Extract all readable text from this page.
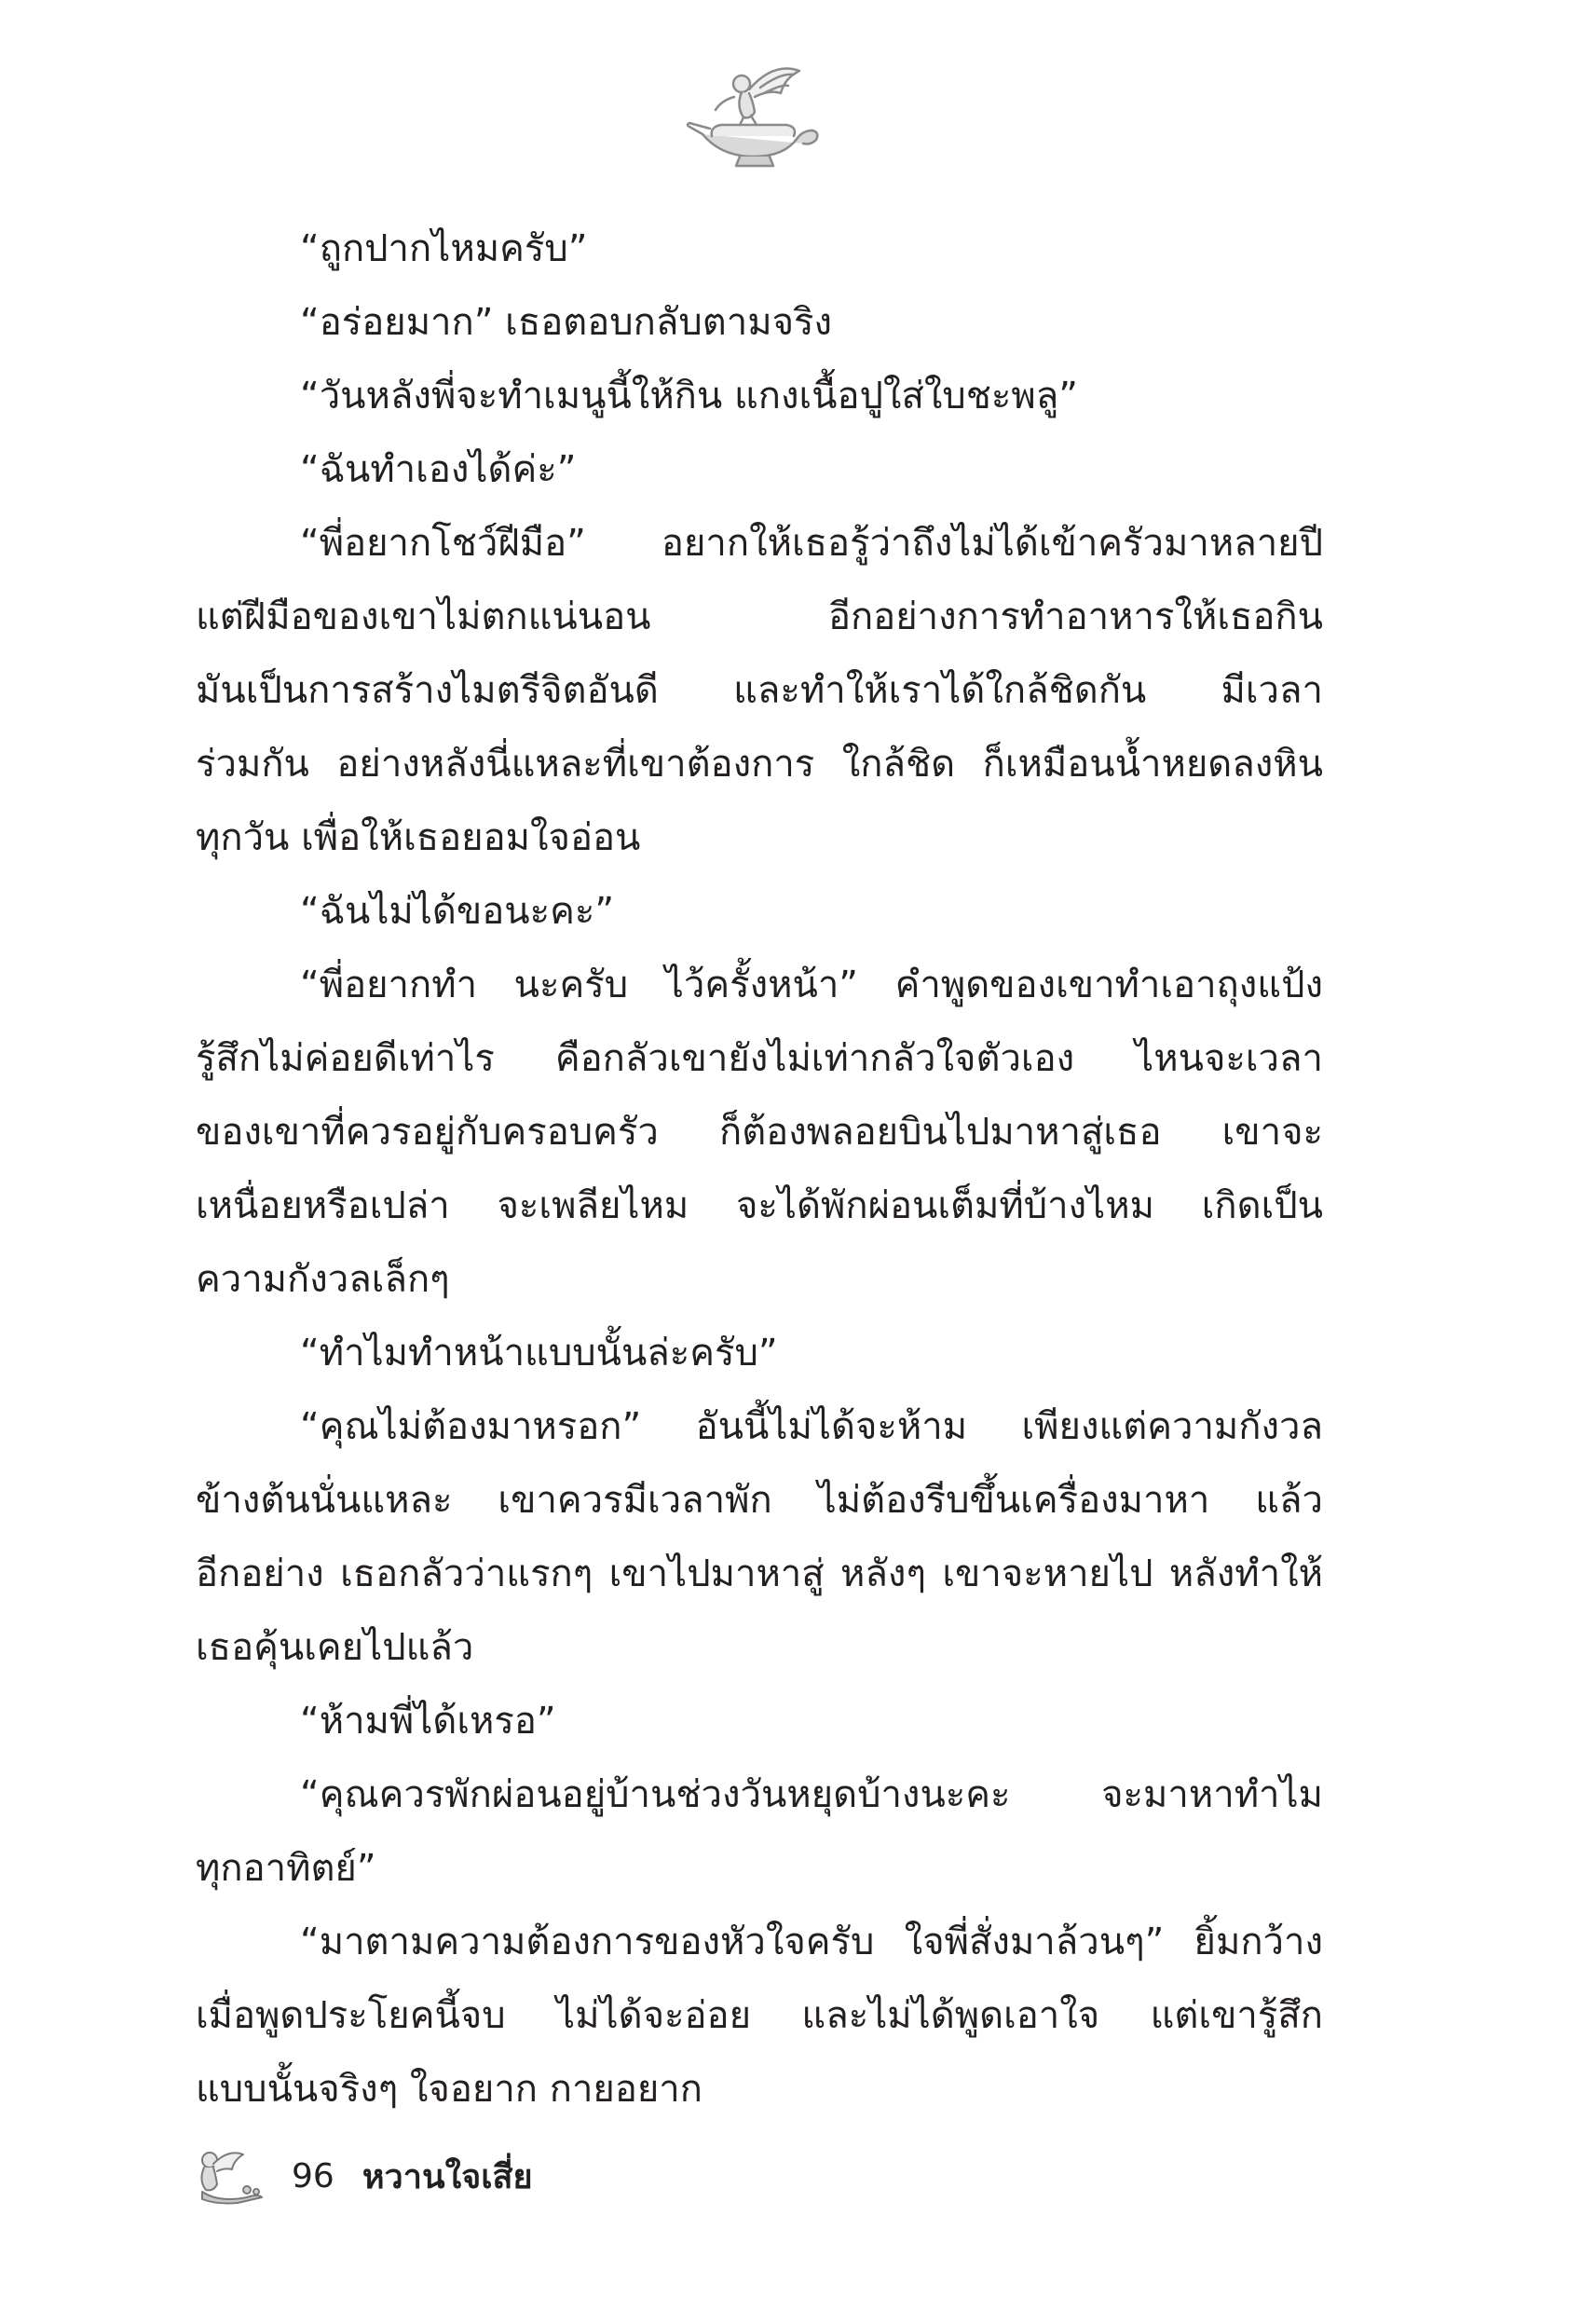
“ถูกปากไหมครับ”
“อร่อยมาก” เธอตอบกลับตามจริง
“วันหลังพี่จะทำเมนูนี้ให้กิน แกงเนื้อปูใส่ใบชะพลู”
“ฉันทำเองได้ค่ะ”
“พี่อยากโชว์ฝีมือ” อยากให้เธอรู้ว่าถึงไม่ได้เข้าครัวมาหลายปี
แต่ฝีมือของเขาไม่ตกแน่นอน อีกอย่างการทำอาหารให้เธอกิน
มันเป็นการสร้างไมตรีจิตอันดี และทำให้เราได้ใกล้ชิดกัน มีเวลา
ร่วมกัน อย่างหลังนี่แหละที่เขาต้องการ ใกล้ชิด ก็เหมือนน้ำหยดลงหิน
ทุกวัน เพื่อให้เธอยอมใจอ่อน
“ฉันไม่ได้ขอนะคะ”
“พี่อยากทำ นะครับ ไว้ครั้งหน้า” คำพูดของเขาทำเอาถุงแป้ง
รู้สึกไม่ค่อยดีเท่าไร คือกลัวเขายังไม่เท่ากลัวใจตัวเอง ไหนจะเวลา
ของเขาที่ควรอยู่กับครอบครัว ก็ต้องพลอยบินไปมาหาสู่เธอ เขาจะ
เหนื่อยหรือเปล่า จะเพลียไหม จะได้พักผ่อนเต็มที่บ้างไหม เกิดเป็น
ความกังวลเล็กๆ
“ทำไมทำหน้าแบบนั้นล่ะครับ”
“คุณไม่ต้องมาหรอก” อันนี้ไม่ได้จะห้าม เพียงแต่ความกังวล
ข้างต้นนั่นแหละ เขาควรมีเวลาพัก ไม่ต้องรีบขึ้นเครื่องมาหา แล้ว
อีกอย่าง เธอกลัวว่าแรกๆ เขาไปมาหาสู่ หลังๆ เขาจะหายไป หลังทำให้
เธอคุ้นเคยไปแล้ว
“ห้ามพี่ได้เหรอ”
“คุณควรพักผ่อนอยู่บ้านช่วงวันหยุดบ้างนะคะ จะมาหาทำไม
ทุกอาทิตย์”
“มาตามความต้องการของหัวใจครับ ใจพี่สั่งมาล้วนๆ” ยิ้มกว้าง
เมื่อพูดประโยคนี้จบ ไม่ได้จะอ่อย และไม่ได้พูดเอาใจ แต่เขารู้สึก
แบบนั้นจริงๆ ใจอยาก กายอยาก
96 หวานใจเสี่ย
